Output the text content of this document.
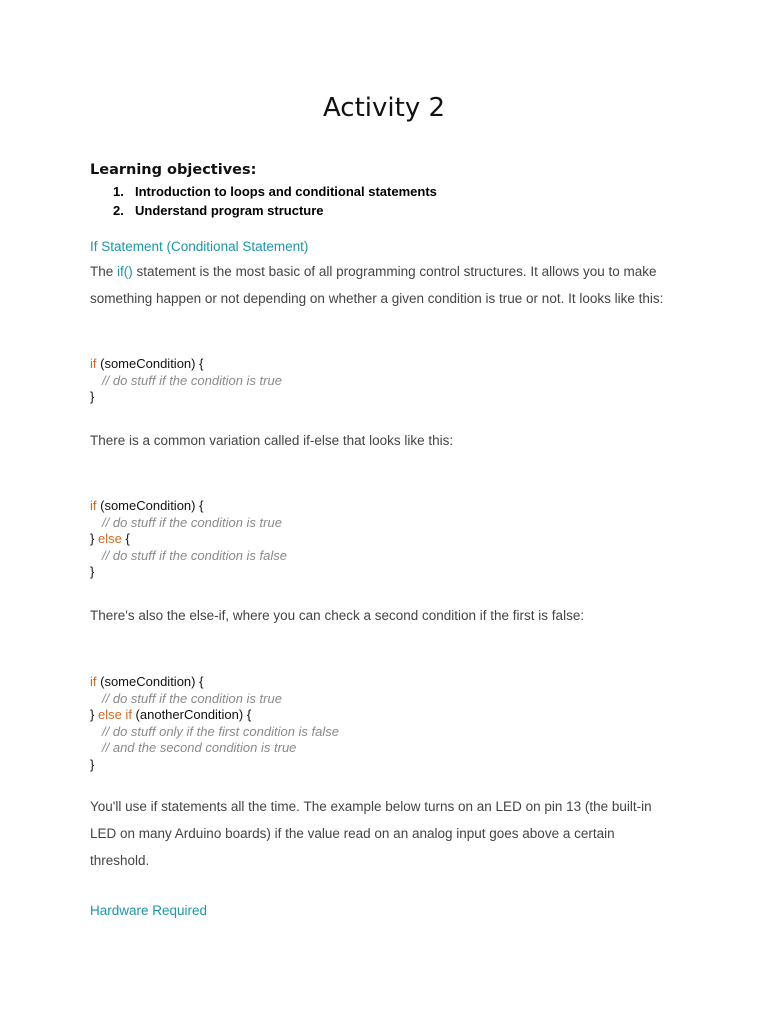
Activity 2
Learning objectives:
1. Introduction to loops and conditional statements
2. Understand program structure
If Statement (Conditional Statement)

The if() statement is the most basic of all programming control structures. It allows you to make something happen or not depending on whether a given condition is true or not. It looks like this:

if (someCondition) {
// do stuff if the condition is true
}

There is a common variation called if-else that looks like this:

if (someCondition) {
// do stuff if the condition is true
} else {
// do stuff if the condition is false
}

There's also the else-if, where you can check a second condition if the first is false:

if (someCondition) {
// do stuff if the condition is true
} else if (anotherCondition) {
// do stuff only if the first condition is false
// and the second condition is true
}

You'll use if statements all the time. The example below turns on an LED on pin 13 (the built-in LED on many Arduino boards) if the value read on an analog input goes above a certain threshold.

Hardware Required
